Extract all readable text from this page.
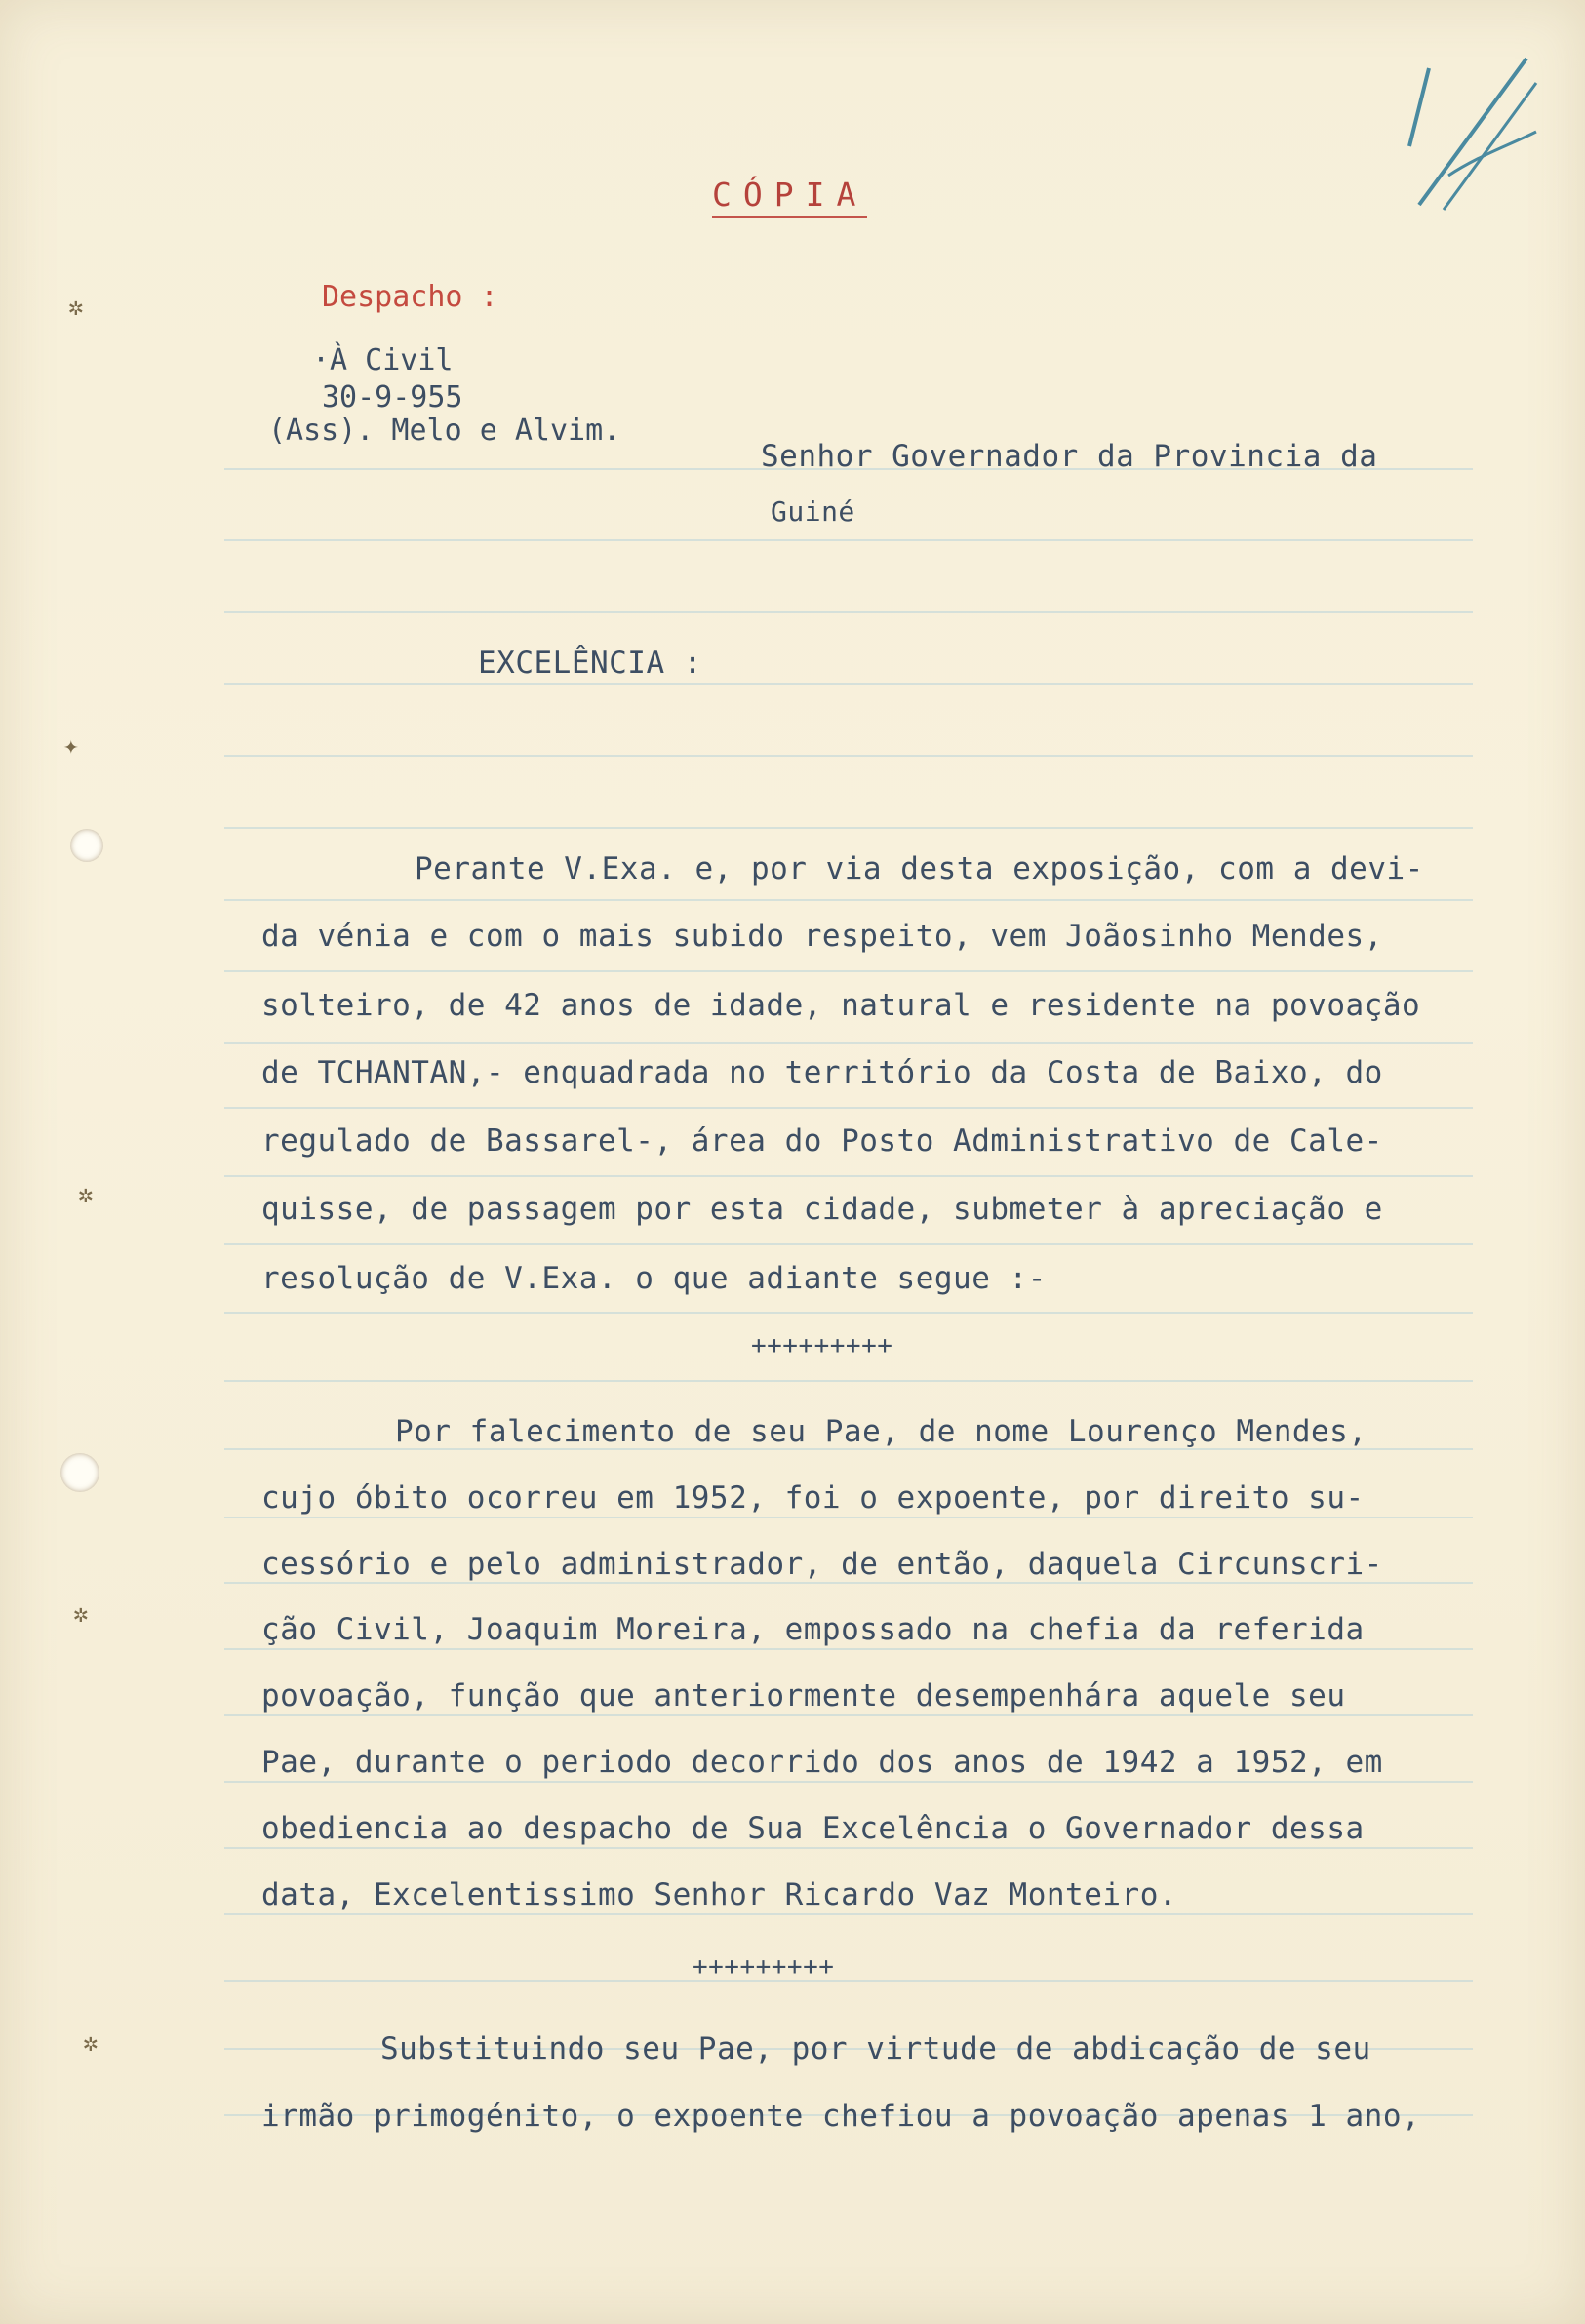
✲
✦
✲
✲
✲
CÓPIA
Despacho :
·À Civil
30-9-955
(Ass). Melo e Alvim.
Senhor Governador da Provincia da
Guiné
EXCELÊNCIA :
Perante V.Exa. e, por via desta exposição, com a devi-
da vénia e com o mais subido respeito, vem Joãosinho Mendes,
solteiro, de 42 anos de idade, natural e residente na povoação
de TCHANTAN,- enquadrada no território da Costa de Baixo, do
regulado de Bassarel-, área do Posto Administrativo de Cale-
quisse, de passagem por esta cidade, submeter à apreciação e
resolução de V.Exa. o que adiante segue :-
+++++++++
Por falecimento de seu Pae, de nome Lourenço Mendes,
cujo óbito ocorreu em 1952, foi o expoente, por direito su-
cessório e pelo administrador, de então, daquela Circunscri-
ção Civil, Joaquim Moreira, empossado na chefia da referida
povoação, função que anteriormente desempenhára aquele seu
Pae, durante o periodo decorrido dos anos de 1942 a 1952, em
obediencia ao despacho de Sua Excelência o Governador dessa
data, Excelentissimo Senhor Ricardo Vaz Monteiro.
+++++++++
Substituindo seu Pae, por virtude de abdicação de seu
irmão primogénito, o expoente chefiou a povoação apenas 1 ano,
